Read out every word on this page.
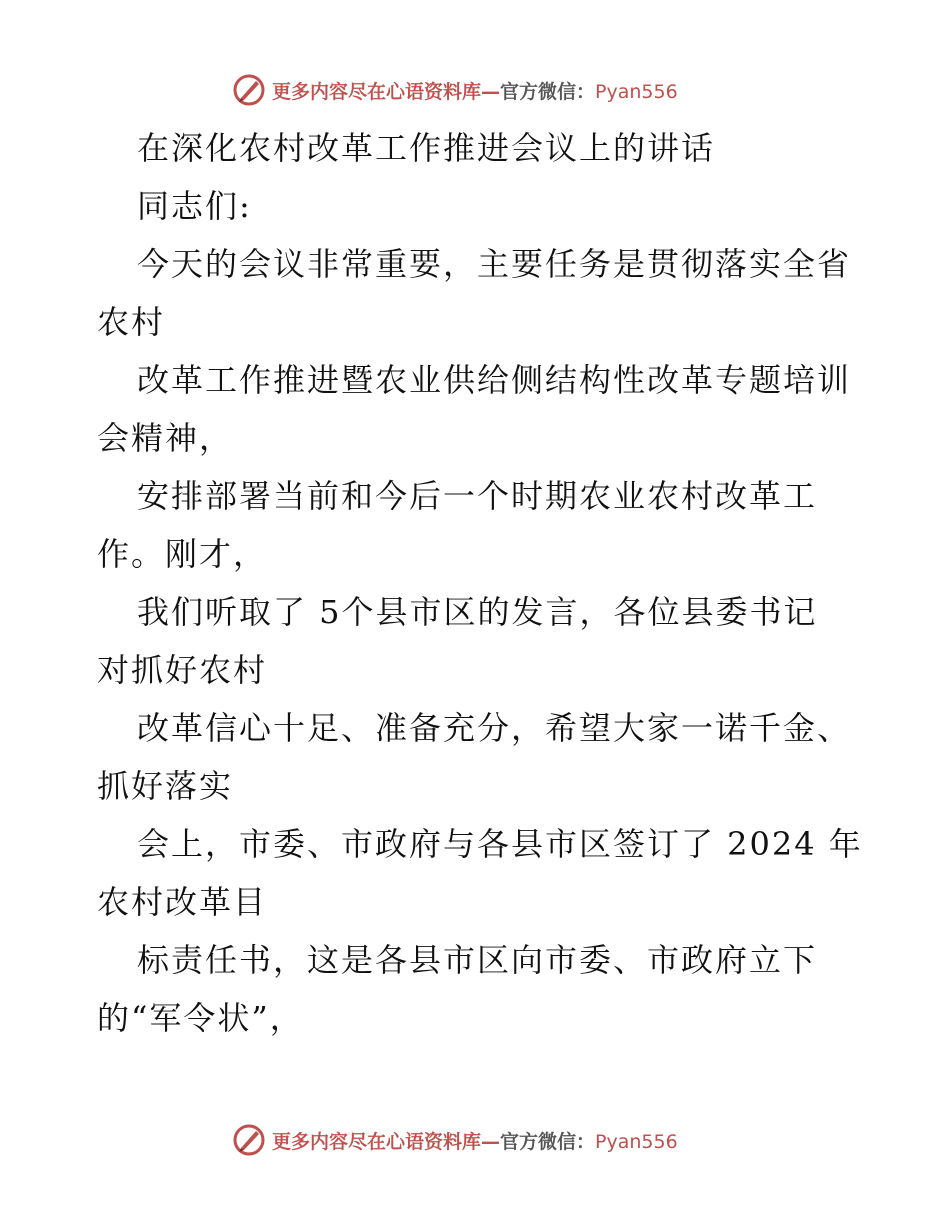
更多内容尽在心语资料库—官方微信：Pyan556
在深化农村改革工作推进会议上的讲话
同志们:
今天的会议非常重要，主要任务是贯彻落实全省
农村
改革工作推进暨农业供给侧结构性改革专题培训
会精神，
安排部署当前和今后一个时期农业农村改革工
作。刚才，
我们听取了 5个县市区的发言，各位县委书记
对抓好农村
改革信心十足、准备充分，希望大家一诺千金、
抓好落实
会上，市委、市政府与各县市区签订了 2024 年
农村改革目
标责任书，这是各县市区向市委、市政府立下
的“军令状”，
更多内容尽在心语资料库—官方微信：Pyan556
